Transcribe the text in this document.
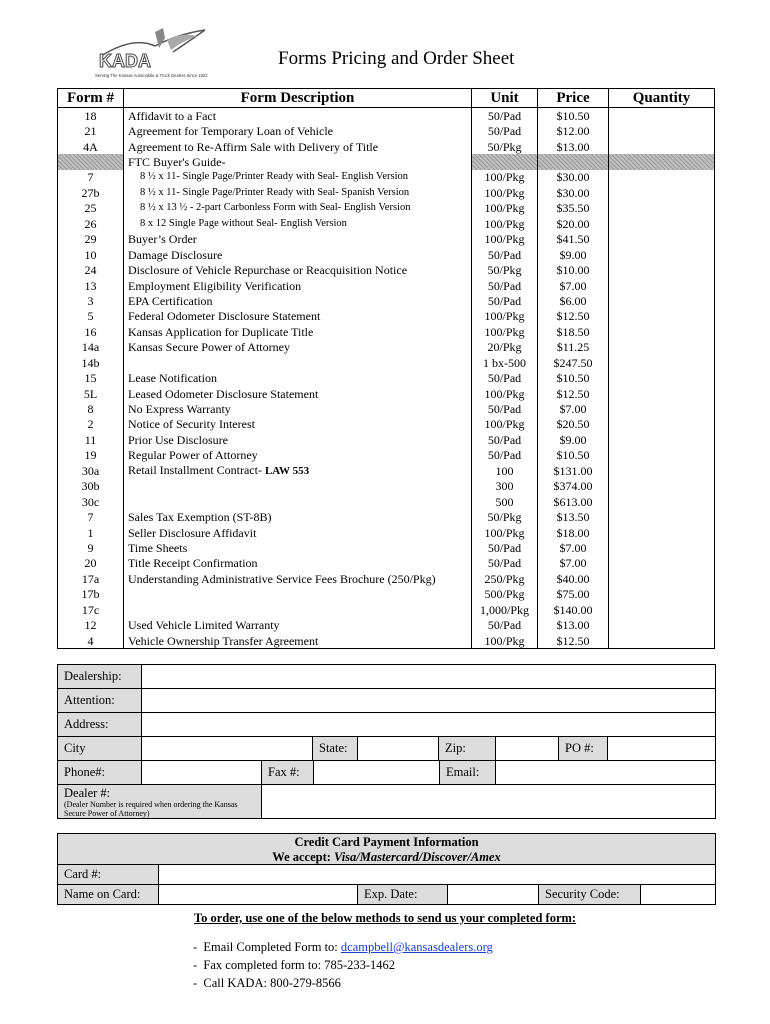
KADA
Serving The Kansas Automobile & Truck Dealers Since 1922
Forms Pricing and Order Sheet
Form #	Form Description	Unit	Price	Quantity
18	Affidavit to a Fact	50/Pad	$10.50	
21	Agreement for Temporary Loan of Vehicle	50/Pad	$12.00	
4A	Agreement to Re-Affirm Sale with Delivery of Title	50/Pkg	$13.00	
	FTC Buyer's Guide-			
7	8 ½ x 11- Single Page/Printer Ready with Seal- English Version	100/Pkg	$30.00	
27b	8 ½ x 11- Single Page/Printer Ready with Seal- Spanish Version	100/Pkg	$30.00	
25	8 ½ x 13 ½ - 2-part Carbonless Form with Seal- English Version	100/Pkg	$35.50	
26	8 x 12 Single Page without Seal- English Version	100/Pkg	$20.00	
29	Buyer’s Order	100/Pkg	$41.50	
10	Damage Disclosure	50/Pad	$9.00	
24	Disclosure of Vehicle Repurchase or Reacquisition Notice	50/Pkg	$10.00	
13	Employment Eligibility Verification	50/Pad	$7.00	
3	EPA Certification	50/Pad	$6.00	
5	Federal Odometer Disclosure Statement	100/Pkg	$12.50	
16	Kansas Application for Duplicate Title	100/Pkg	$18.50	
14a	Kansas Secure Power of Attorney	20/Pkg	$11.25	
14b		1 bx-500	$247.50	
15	Lease Notification	50/Pad	$10.50	
5L	Leased Odometer Disclosure Statement	100/Pkg	$12.50	
8	No Express Warranty	50/Pad	$7.00	
2	Notice of Security Interest	100/Pkg	$20.50	
11	Prior Use Disclosure	50/Pad	$9.00	
19	Regular Power of Attorney	50/Pad	$10.50	
30a	Retail Installment Contract- LAW 553	100	$131.00	
30b		300	$374.00	
30c		500	$613.00	
7	Sales Tax Exemption (ST-8B)	50/Pkg	$13.50	
1	Seller Disclosure Affidavit	100/Pkg	$18.00	
9	Time Sheets	50/Pad	$7.00	
20	Title Receipt Confirmation	50/Pad	$7.00	
17a	Understanding Administrative Service Fees Brochure (250/Pkg)	250/Pkg	$40.00	
17b		500/Pkg	$75.00	
17c		1,000/Pkg	$140.00	
12	Used Vehicle Limited Warranty	50/Pad	$13.00	
4	Vehicle Ownership Transfer Agreement	100/Pkg	$12.50	
Dealership:
Attention:
Address:
City	State:	Zip:	PO #:
Phone#:	Fax #:	Email:
Dealer #:
(Dealer Number is required when ordering the Kansas Secure Power of Attorney)
Credit Card Payment Information
We accept: Visa/Mastercard/Discover/Amex
Card #:
Name on Card:	Exp. Date:	Security Code:
To order, use one of the below methods to send us your completed form:
-  Email Completed Form to: dcampbell@kansasdealers.org
-  Fax completed form to: 785-233-1462
-  Call KADA: 800-279-8566
